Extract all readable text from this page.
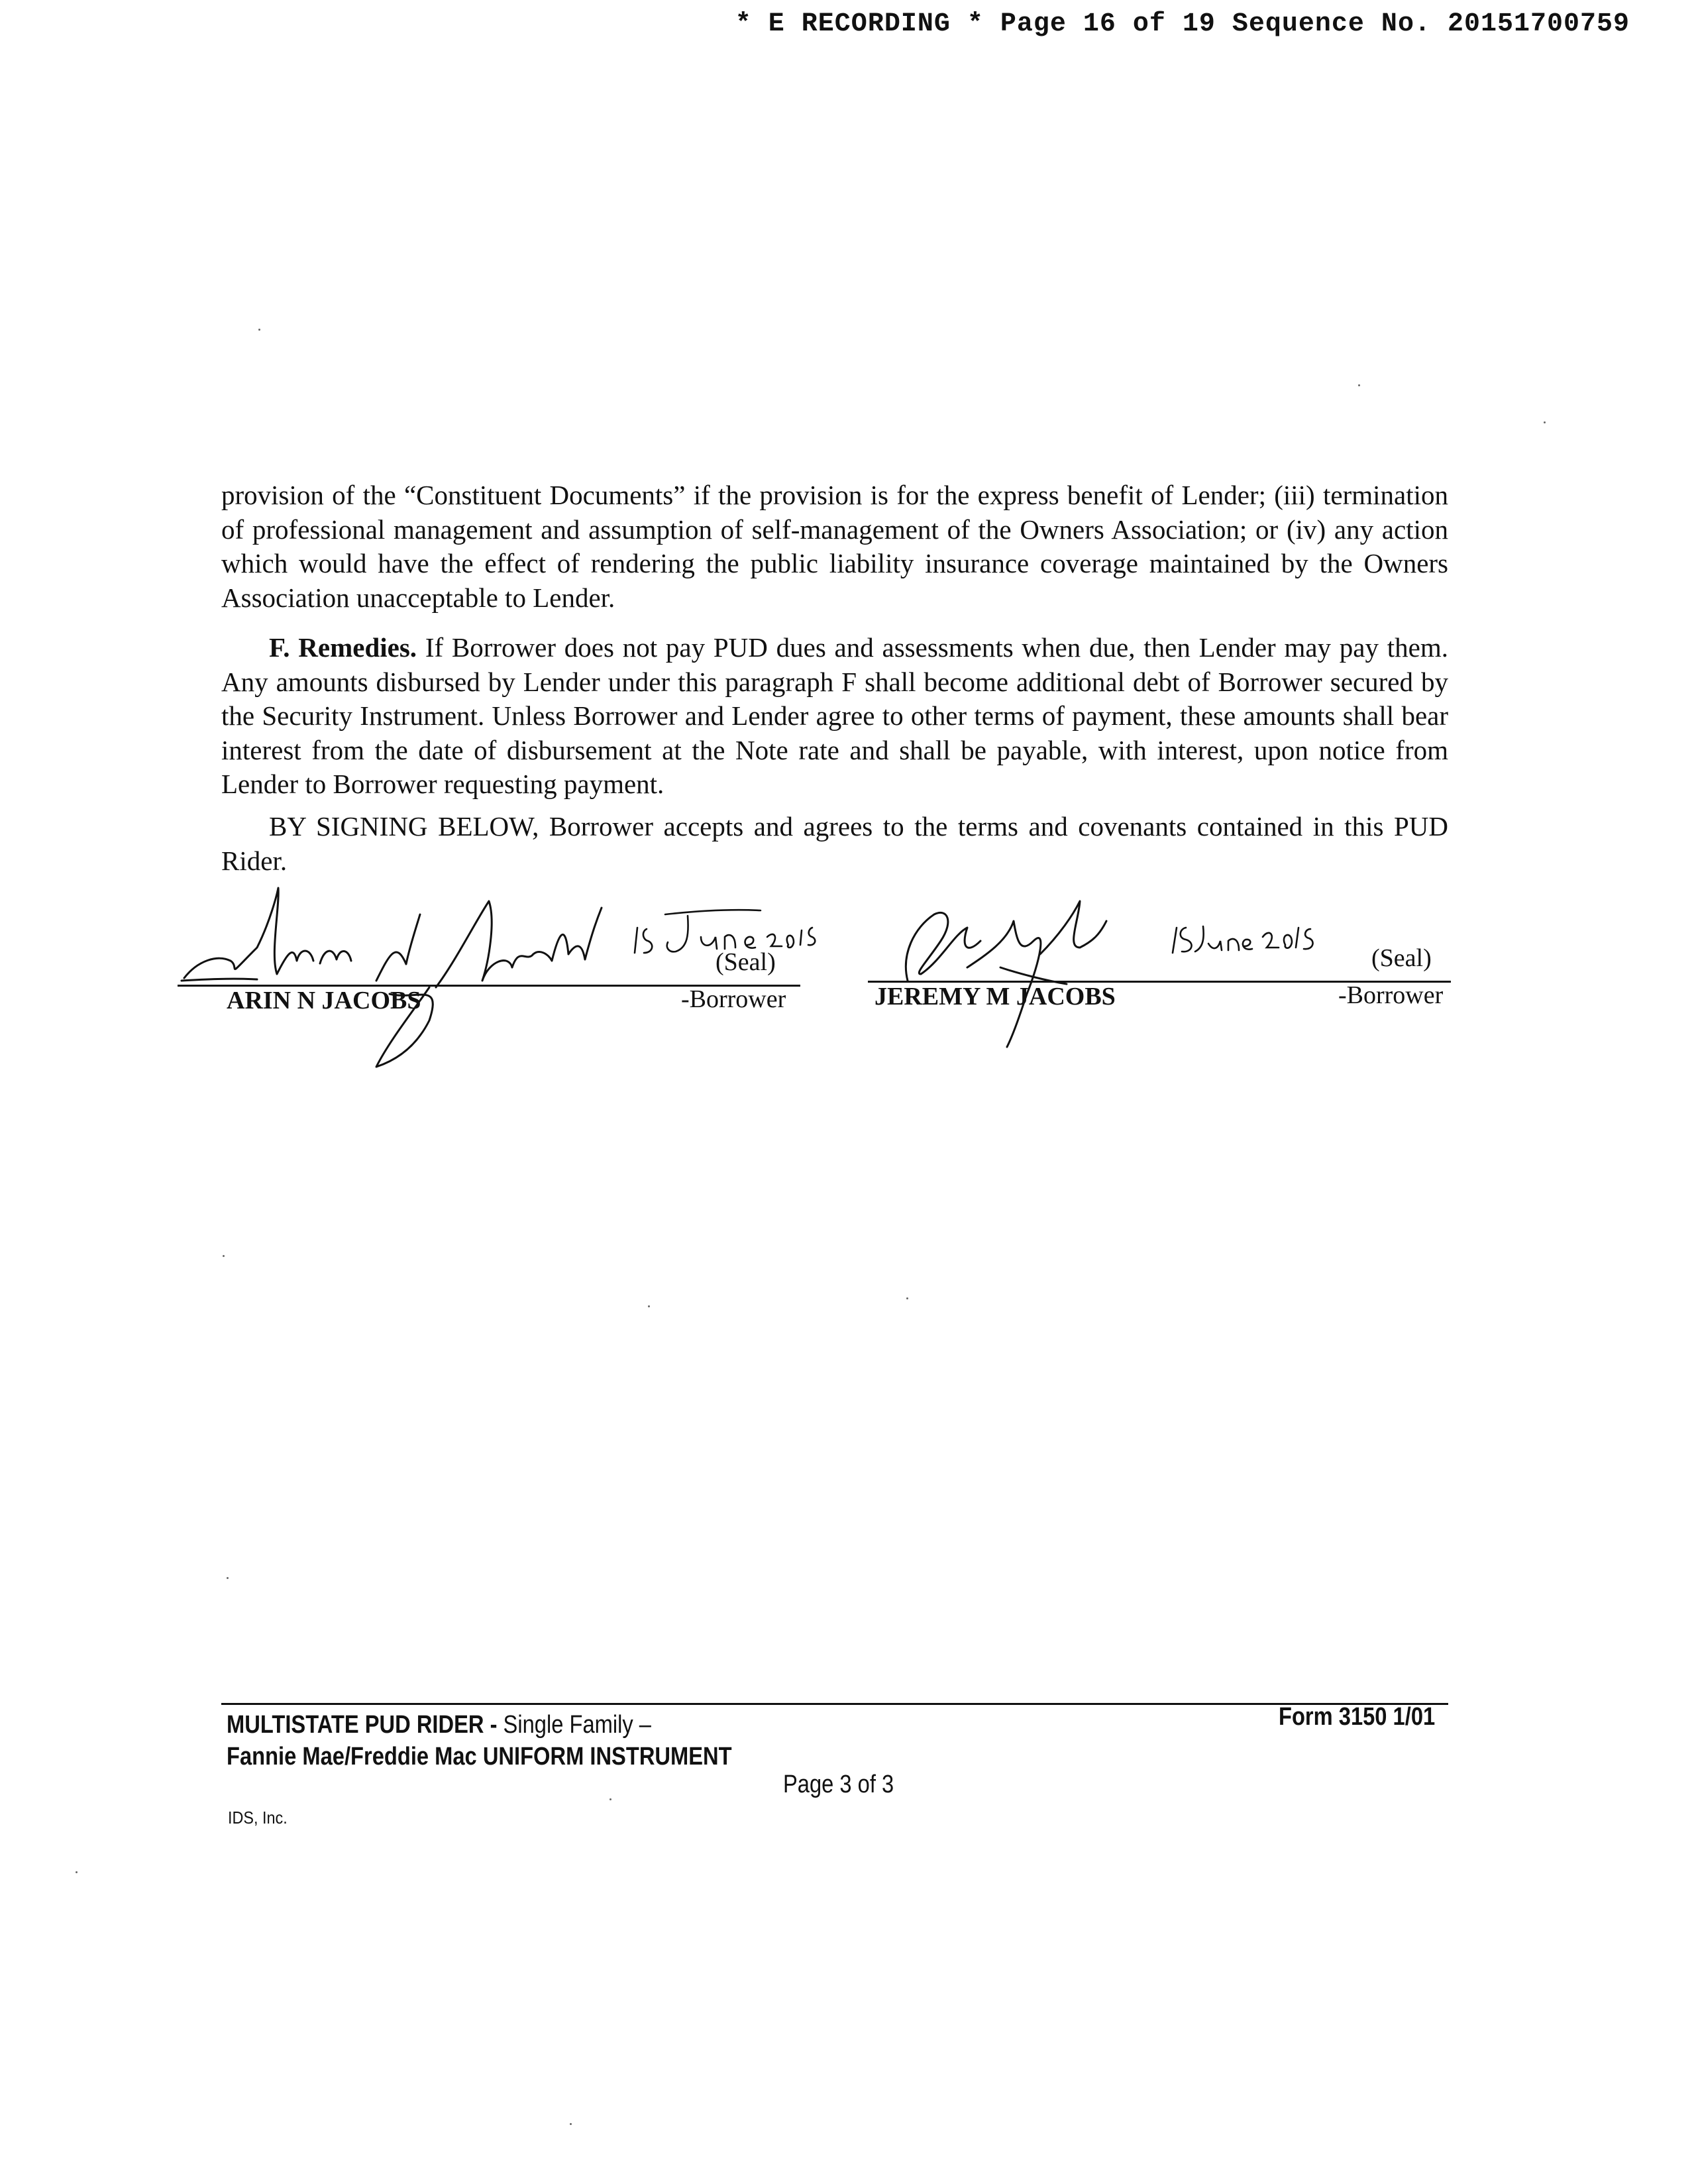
* E RECORDING * Page 16 of 19 Sequence No. 20151700759
provision of the “Constituent Documents” if the provision is for the express benefit of Lender; (iii) termination of professional management and assumption of self-management of the Owners Association; or (iv) any action which would have the effect of rendering the public liability insurance coverage maintained by the Owners Association unacceptable to Lender.
F. Remedies. If Borrower does not pay PUD dues and assessments when due, then Lender may pay them. Any amounts disbursed by Lender under this paragraph F shall become additional debt of Borrower secured by the Security Instrument. Unless Borrower and Lender agree to other terms of payment, these amounts shall bear interest from the date of disbursement at the Note rate and shall be payable, with interest, upon notice from Lender to Borrower requesting payment.
BY SIGNING BELOW, Borrower accepts and agrees to the terms and covenants contained in this PUD Rider.
(Seal)
ARIN N JACOBS	-Borrower
(Seal)
JEREMY M JACOBS	-Borrower
MULTISTATE PUD RIDER - Single Family –	Form 3150 1/01
Fannie Mae/Freddie Mac UNIFORM INSTRUMENT
Page 3 of 3
IDS, Inc.
